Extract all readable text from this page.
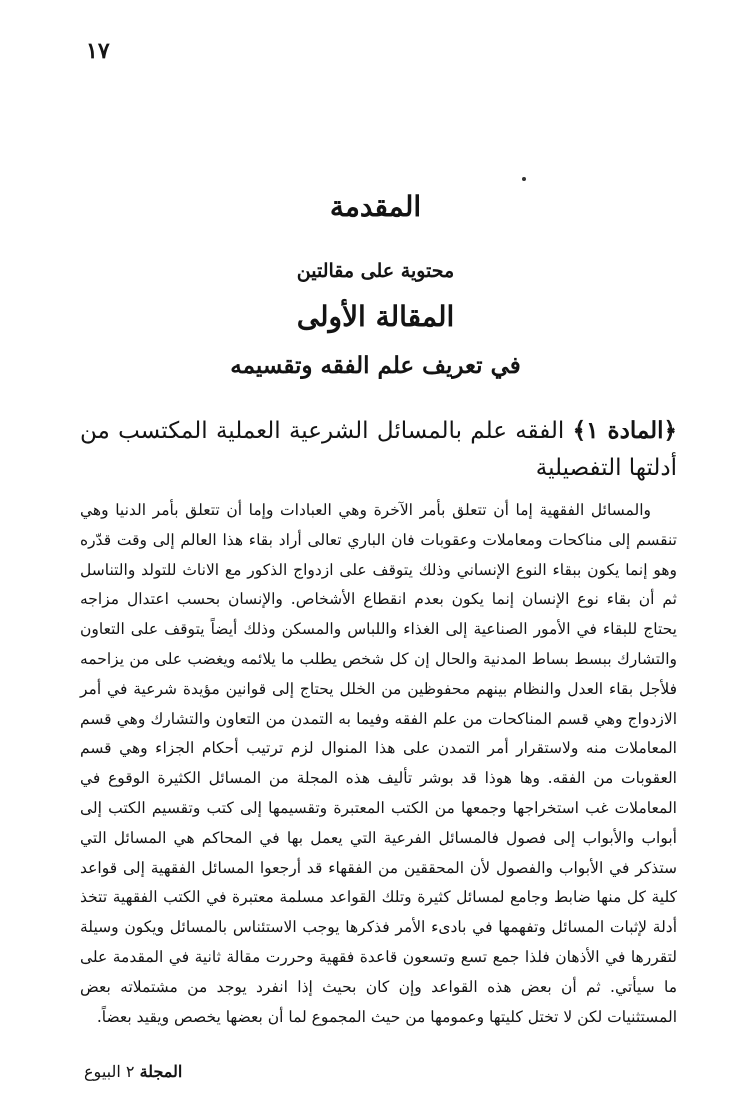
١٧
المقدمة
محتوية على مقالتين
المقالة الأولى
في تعريف علم الفقه وتقسيمه
﴿المادة ١﴾ الفقه علم بالمسائل الشرعية العملية المكتسب من أدلتها التفصيلية
والمسائل الفقهية إما أن تتعلق بأمر الآخرة وهي العبادات وإما أن تتعلق بأمر الدنيا وهي تنقسم إلى مناكحات ومعاملات وعقوبات فان الباري تعالى أراد بقاء هذا العالم إلى وقت قدّره وهو إنما يكون ببقاء النوع الإنساني وذلك يتوقف على ازدواج الذكور مع الاناث للتولد والتناسل ثم أن بقاء نوع الإنسان إنما يكون بعدم انقطاع الأشخاص. والإنسان بحسب اعتدال مزاجه يحتاج للبقاء في الأمور الصناعية إلى الغذاء واللباس والمسكن وذلك أيضاً يتوقف على التعاون والتشارك ببسط بساط المدنية والحال إن كل شخص يطلب ما يلائمه ويغضب على من يزاحمه فلأجل بقاء العدل والنظام بينهم محفوظين من الخلل يحتاج إلى قوانين مؤيدة شرعية في أمر الازدواج وهي قسم المناكحات من علم الفقه وفيما به التمدن من التعاون والتشارك وهي قسم المعاملات منه ولاستقرار أمر التمدن على هذا المنوال لزم ترتيب أحكام الجزاء وهي قسم العقوبات من الفقه. وها هوذا قد بوشر تأليف هذه المجلة من المسائل الكثيرة الوقوع في المعاملات غب استخراجها وجمعها من الكتب المعتبرة وتقسيمها إلى كتب وتقسيم الكتب إلى أبواب والأبواب إلى فصول فالمسائل الفرعية التي يعمل بها في المحاكم هي المسائل التي ستذكر في الأبواب والفصول لأن المحققين من الفقهاء قد أرجعوا المسائل الفقهية إلى قواعد كلية كل منها ضابط وجامع لمسائل كثيرة وتلك القواعد مسلمة معتبرة في الكتب الفقهية تتخذ أدلة لإثبات المسائل وتفهمها في بادىء الأمر فذكرها يوجب الاستئناس بالمسائل ويكون وسيلة لتقررها في الأذهان فلذا جمع تسع وتسعون قاعدة فقهية وحررت مقالة ثانية في المقدمة على ما سيأتي. ثم أن بعض هذه القواعد وإن كان بحيث إذا انفرد يوجد من مشتملاته بعض المستثنيات لكن لا تختل كليتها وعمومها من حيث المجموع لما أن بعضها يخصص ويقيد بعضاً.
المجلة ٢ البيوع
